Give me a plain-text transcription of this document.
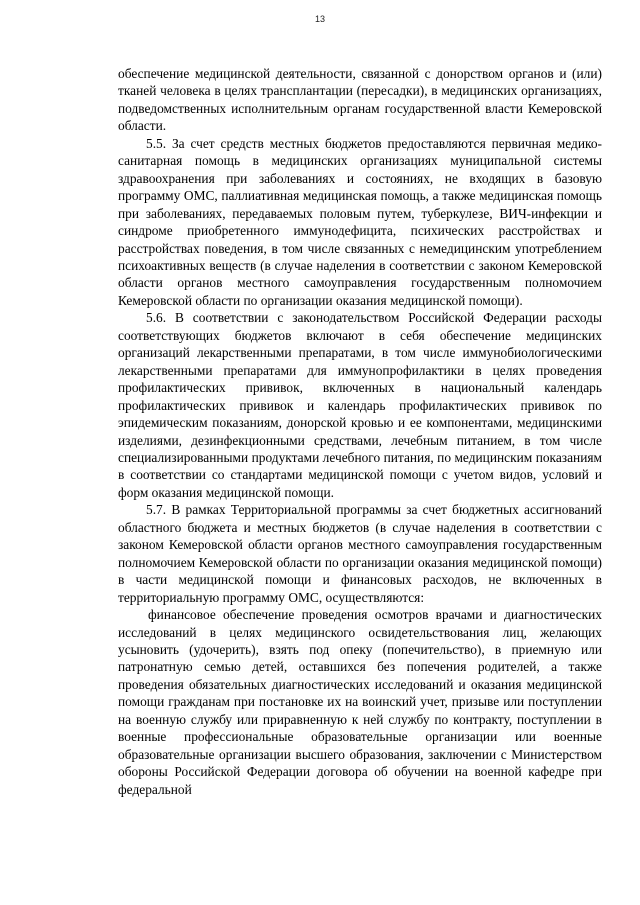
13

обеспечение медицинской деятельности, связанной с донорством органов и (или) тканей человека в целях трансплантации (пересадки), в медицинских организациях, подведомственных исполнительным органам государственной власти Кемеровской области.

5.5. За счет средств местных бюджетов предоставляются первичная медико-санитарная помощь в медицинских организациях муниципальной системы здравоохранения при заболеваниях и состояниях, не входящих в базовую программу ОМС, паллиативная медицинская помощь, а также медицинская помощь при заболеваниях, передаваемых половым путем, туберкулезе, ВИЧ-инфекции и синдроме приобретенного иммунодефицита, психических расстройствах и расстройствах поведения, в том числе связанных с немедицинским употреблением психоактивных веществ (в случае наделения в соответствии с законом Кемеровской области органов местного самоуправления государственным полномочием Кемеровской области по организации оказания медицинской помощи).

5.6. В соответствии с законодательством Российской Федерации расходы соответствующих бюджетов включают в себя обеспечение медицинских организаций лекарственными препаратами, в том числе иммунобиологическими лекарственными препаратами для иммунопрофилактики в целях проведения профилактических прививок, включенных в национальный календарь профилактических прививок и календарь профилактических прививок по эпидемическим показаниям, донорской кровью и ее компонентами, медицинскими изделиями, дезинфекционными средствами, лечебным питанием, в том числе специализированными продуктами лечебного питания, по медицинским показаниям в соответствии со стандартами медицинской помощи с учетом видов, условий и форм оказания медицинской помощи.

5.7. В рамках Территориальной программы за счет бюджетных ассигнований областного бюджета и местных бюджетов (в случае наделения в соответствии с законом Кемеровской области органов местного самоуправления государственным полномочием Кемеровской области по организации оказания медицинской помощи) в части медицинской помощи и финансовых расходов, не включенных в территориальную программу ОМС, осуществляются:

финансовое обеспечение проведения осмотров врачами и диагностических исследований в целях медицинского освидетельствования лиц, желающих усыновить (удочерить), взять под опеку (попечительство), в приемную или патронатную семью детей, оставшихся без попечения родителей, а также проведения обязательных диагностических исследований и оказания медицинской помощи гражданам при постановке их на воинский учет, призыве или поступлении на военную службу или приравненную к ней службу по контракту, поступлении в военные профессиональные образовательные организации или военные образовательные организации высшего образования, заключении с Министерством обороны Российской Федерации договора об обучении на военной кафедре при федеральной
